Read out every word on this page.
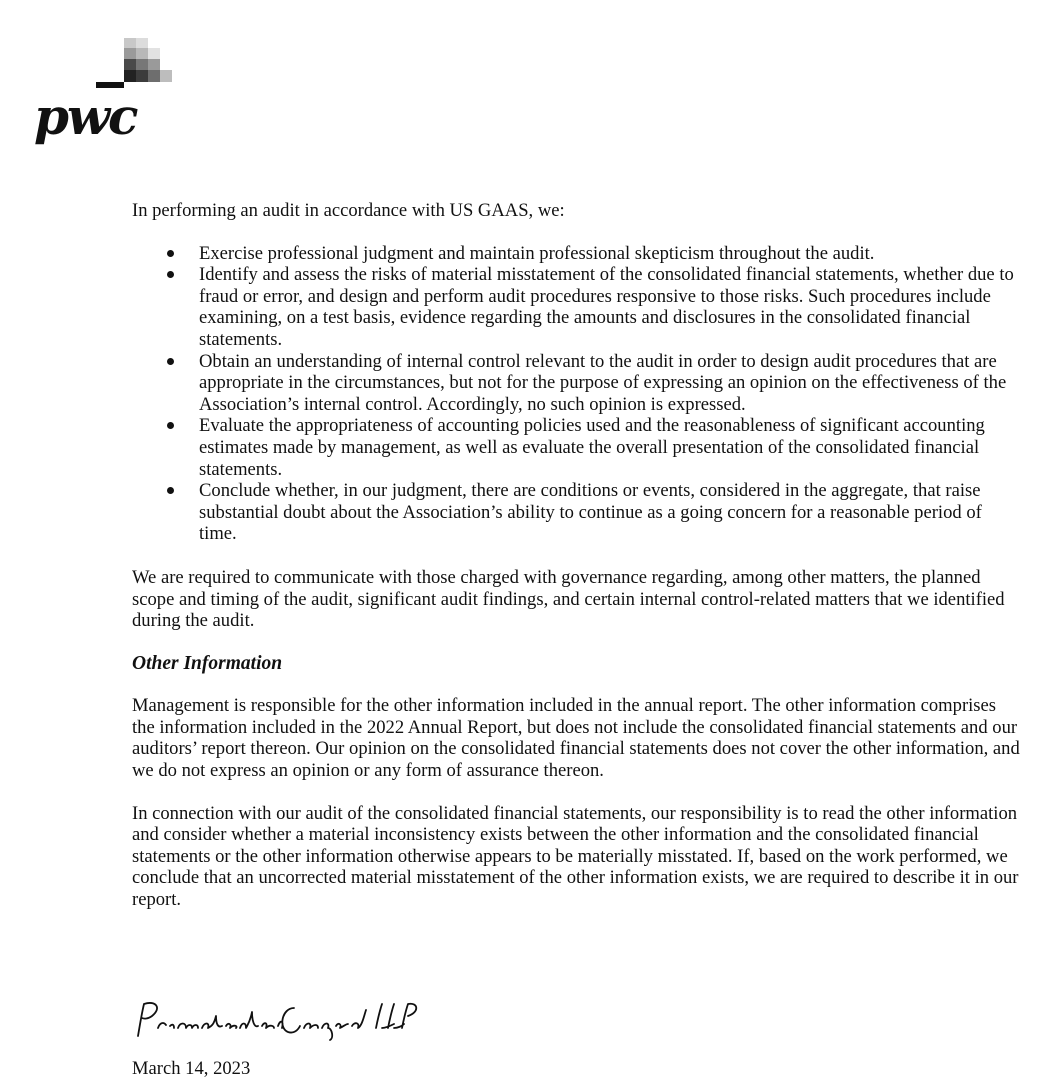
pwc

In performing an audit in accordance with US GAAS, we:

Exercise professional judgment and maintain professional skepticism throughout the audit.
Identify and assess the risks of material misstatement of the consolidated financial statements, whether due to fraud or error, and design and perform audit procedures responsive to those risks. Such procedures include examining, on a test basis, evidence regarding the amounts and disclosures in the consolidated financial statements.
Obtain an understanding of internal control relevant to the audit in order to design audit procedures that are appropriate in the circumstances, but not for the purpose of expressing an opinion on the effectiveness of the Association’s internal control. Accordingly, no such opinion is expressed.
Evaluate the appropriateness of accounting policies used and the reasonableness of significant accounting estimates made by management, as well as evaluate the overall presentation of the consolidated financial statements.
Conclude whether, in our judgment, there are conditions or events, considered in the aggregate, that raise substantial doubt about the Association’s ability to continue as a going concern for a reasonable period of time.

We are required to communicate with those charged with governance regarding, among other matters, the planned scope and timing of the audit, significant audit findings, and certain internal control-related matters that we identified during the audit.

Other Information

Management is responsible for the other information included in the annual report. The other information comprises the information included in the 2022 Annual Report, but does not include the consolidated financial statements and our auditors’ report thereon. Our opinion on the consolidated financial statements does not cover the other information, and we do not express an opinion or any form of assurance thereon.

In connection with our audit of the consolidated financial statements, our responsibility is to read the other information and consider whether a material inconsistency exists between the other information and the consolidated financial statements or the other information otherwise appears to be materially misstated. If, based on the work performed, we conclude that an uncorrected material misstatement of the other information exists, we are required to describe it in our report.

March 14, 2023
